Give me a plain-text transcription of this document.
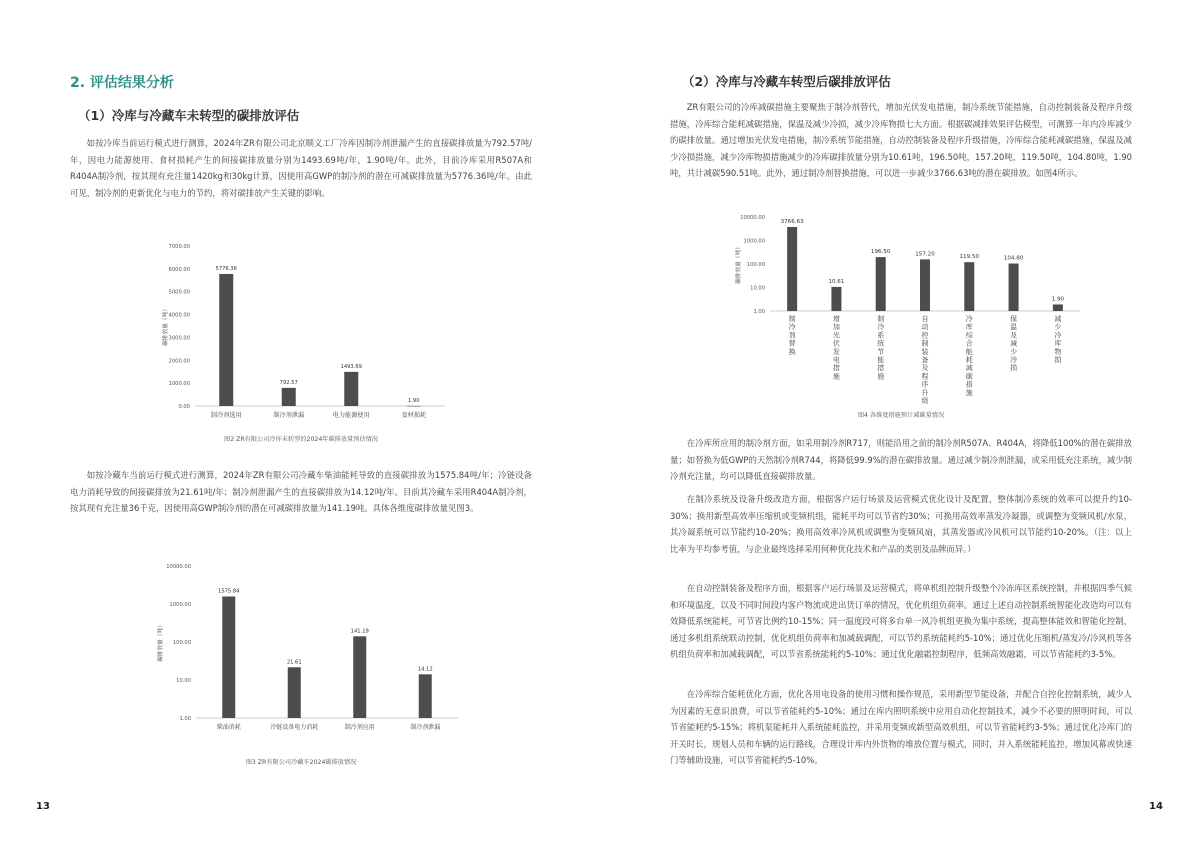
2. 评估结果分析
（1）冷库与冷藏车未转型的碳排放评估

如按冷库当前运行模式进行测算，2024年ZR有限公司北京顺义工厂冷库因制冷剂泄漏产生的直接碳排放量为792.57吨/年，因电力能源使用、食材损耗产生的间接碳排放量分别为1493.69吨/年，1.90吨/年。此外，目前冷库采用R507A和R404A制冷剂，按其现有充注量1420kg和30kg计算，因使用高GWP的制冷剂的潜在可减碳排放量为5776.36吨/年。由此可见，制冷剂的更新优化与电力的节约，将对碳排放产生关键的影响。

7000.00
6000.00
5000.00
4000.00
3000.00
2000.00
1000.00
0.00
碳排放量（吨）
5776.36
制冷剂选用
792.57
制冷剂泄漏
1493.69
电力能源使用
1.90
食材损耗
图2 ZR有限公司冷库未转型的2024年碳排放量预估情况

如按冷藏车当前运行模式进行测算，2024年ZR有限公司冷藏车柴油能耗导致的直接碳排放为1575.84吨/年；冷链设备电力消耗导致的间接碳排放为21.61吨/年；制冷剂泄漏产生的直接碳排放为14.12吨/年。目前其冷藏车采用R404A制冷剂，按其现有充注量36千克，因使用高GWP制冷剂的潜在可减碳排放量为141.19吨。具体各维度碳排放量见图3。

10000.00
1000.00
100.00
10.00
1.00
碳排放量（吨）
1575.84
柴油消耗
21.61
冷链设备电力消耗
141.19
制冷剂应用
14.12
制冷剂泄漏
图3 ZR有限公司冷藏车2024碳排放情况
13
（2）冷库与冷藏车转型后碳排放评估

ZR有限公司的冷库减碳措施主要聚焦于制冷剂替代，增加光伏发电措施，制冷系统节能措施，自动控制装备及程序升级措施，冷库综合能耗减碳措施，保温及减少冷损，减少冷库物损七大方面。根据碳减排效果评估模型，可测算一年内冷库减少的碳排放量。通过增加光伏发电措施，制冷系统节能措施，自动控制装备及程序升级措施，冷库综合能耗减碳措施，保温及减少冷损措施，减少冷库物损措施减少的冷库碳排放量分别为10.61吨，196.50吨，157.20吨，119.50吨，104.80吨，1.90吨，共计减碳590.51吨。此外，通过制冷剂替换措施，可以进一步减少3766.63吨的潜在碳排放。如图4所示。

10000.00
1000.00
100.00
10.00
1.00
碳排放量（吨）
3766.63
制
冷
剂
替
换
10.61
增
加
光
伏
发
电
措
施
196.50
制
冷
系
统
节
能
措
施
157.20
自
动
控
制
装
备
及
程
序
升
级
119.50
冷
库
综
合
能
耗
减
碳
措
施
104.80
保
温
及
减
少
冷
损
1.90
减
少
冷
库
物
损
图4 各维度措施预计减碳量情况

在冷库所应用的制冷剂方面，如采用制冷剂R717，则能沿用之前的制冷剂R507A、R404A，将降低100%的潜在碳排放量；如替换为低GWP的天然制冷剂R744，将降低99.9%的潜在碳排放量。通过减少制冷剂泄漏，或采用低充注系统，减少制冷剂充注量，均可以降低直接碳排放量。

在制冷系统及设备升级改造方面，根据客户运行场景及运营模式优化设计及配置，整体制冷系统的效率可以提升约10-30%；换用新型高效率压缩机或变频机组，能耗平均可以节省约30%；可换用高效率蒸发冷凝器，或调整为变频风机/水泵，其冷凝系统可以节能约10-20%；换用高效率冷风机或调整为变频风扇，其蒸发器或冷风机可以节能约10-20%。（注：以上比率为平均参考值，与企业最终选择采用何种优化技术和产品的类别及品牌而异。）

在自动控制装备及程序方面，根据客户运行场景及运营模式，将单机组控制升级整个冷冻库区系统控制，并根据四季气候和环境温度，以及不同时间段内客户物流或进出货订单的情况，优化机组负荷率。通过上述自动控制系统智能化改造均可以有效降低系统能耗，可节省比例约10-15%；同一温度段可将多台单一风冷机组更换为集中系统，提高整体能效和智能化控制，通过多机组系统联动控制，优化机组负荷率和加减载调配，可以节约系统能耗约5-10%；通过优化压缩机/蒸发冷/冷风机等各机组负荷率和加减载调配，可以节省系统能耗约5-10%；通过优化融霜控制程序，低频高效融霜，可以节省能耗约3-5%。

在冷库综合能耗优化方面，优化各用电设备的使用习惯和操作规范，采用新型节能设备，并配合自控化控制系统，减少人为因素的无意识浪费，可以节省能耗约5-10%；通过在库内照明系统中应用自动化控制技术，减少不必要的照明时间，可以节省能耗约5-15%；将机泵能耗并入系统能耗监控，并采用变频或新型高效机组，可以节省能耗约3-5%；通过优化冷库门的开关时长，规划人员和车辆的运行路线，合理设计库内外货物的堆放位置与模式，同时，并入系统能耗监控，增加风幕或快速门等辅助设施，可以节省能耗约5-10%。

14
